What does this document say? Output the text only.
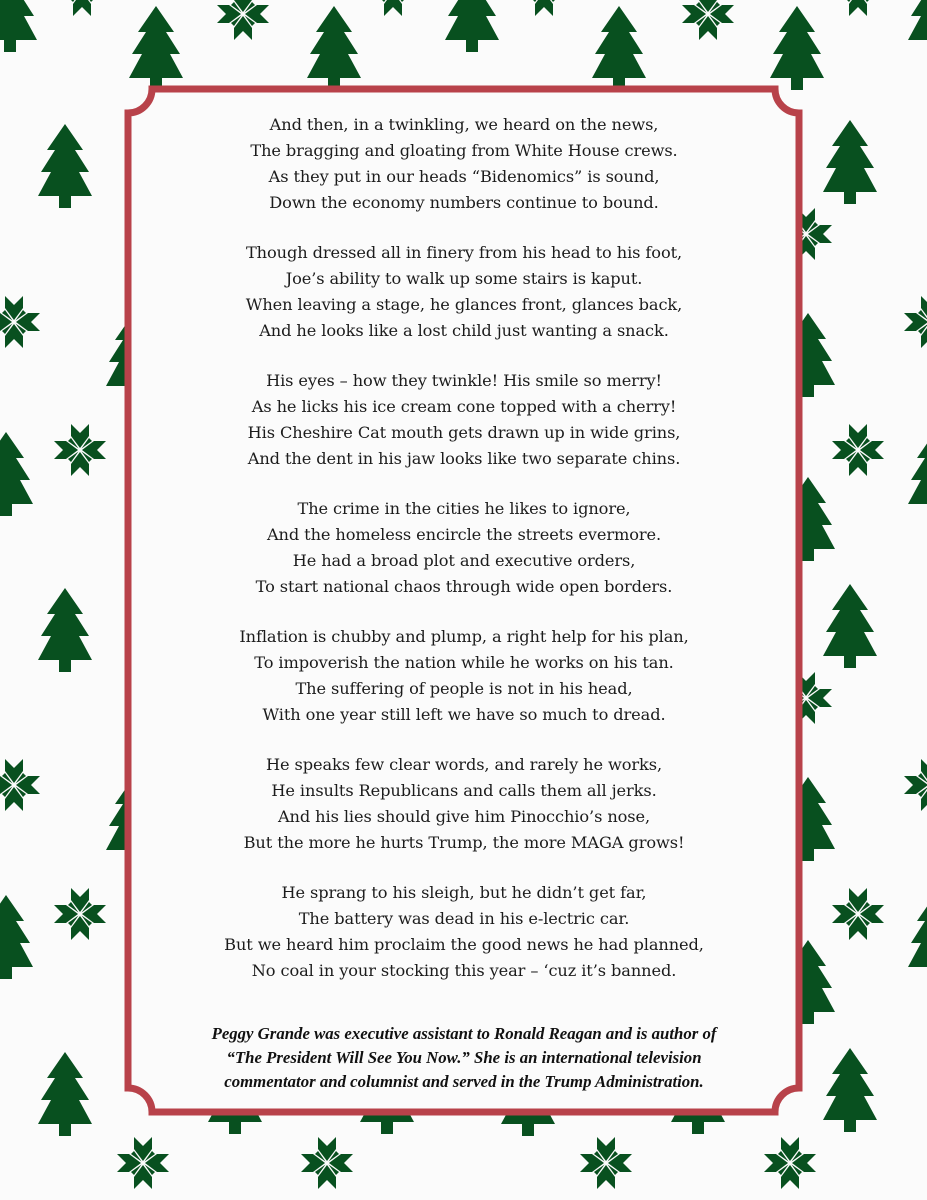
And then, in a twinkling, we heard on the news,
The bragging and gloating from White House crews.
As they put in our heads “Bidenomics” is sound,
Down the economy numbers continue to bound.
Though dressed all in finery from his head to his foot,
Joe’s ability to walk up some stairs is kaput.
When leaving a stage, he glances front, glances back,
And he looks like a lost child just wanting a snack.
His eyes – how they twinkle! His smile so merry!
As he licks his ice cream cone topped with a cherry!
His Cheshire Cat mouth gets drawn up in wide grins,
And the dent in his jaw looks like two separate chins.
The crime in the cities he likes to ignore,
And the homeless encircle the streets evermore.
He had a broad plot and executive orders,
To start national chaos through wide open borders.
Inflation is chubby and plump, a right help for his plan,
To impoverish the nation while he works on his tan.
The suffering of people is not in his head,
With one year still left we have so much to dread.
He speaks few clear words, and rarely he works,
He insults Republicans and calls them all jerks.
And his lies should give him Pinocchio’s nose,
But the more he hurts Trump, the more MAGA grows!
He sprang to his sleigh, but he didn’t get far,
The battery was dead in his e-lectric car.
But we heard him proclaim the good news he had planned,
No coal in your stocking this year – ‘cuz it’s banned.
Peggy Grande was executive assistant to Ronald Reagan and is author of
“The President Will See You Now.” She is an international television
commentator and columnist and served in the Trump Administration.
